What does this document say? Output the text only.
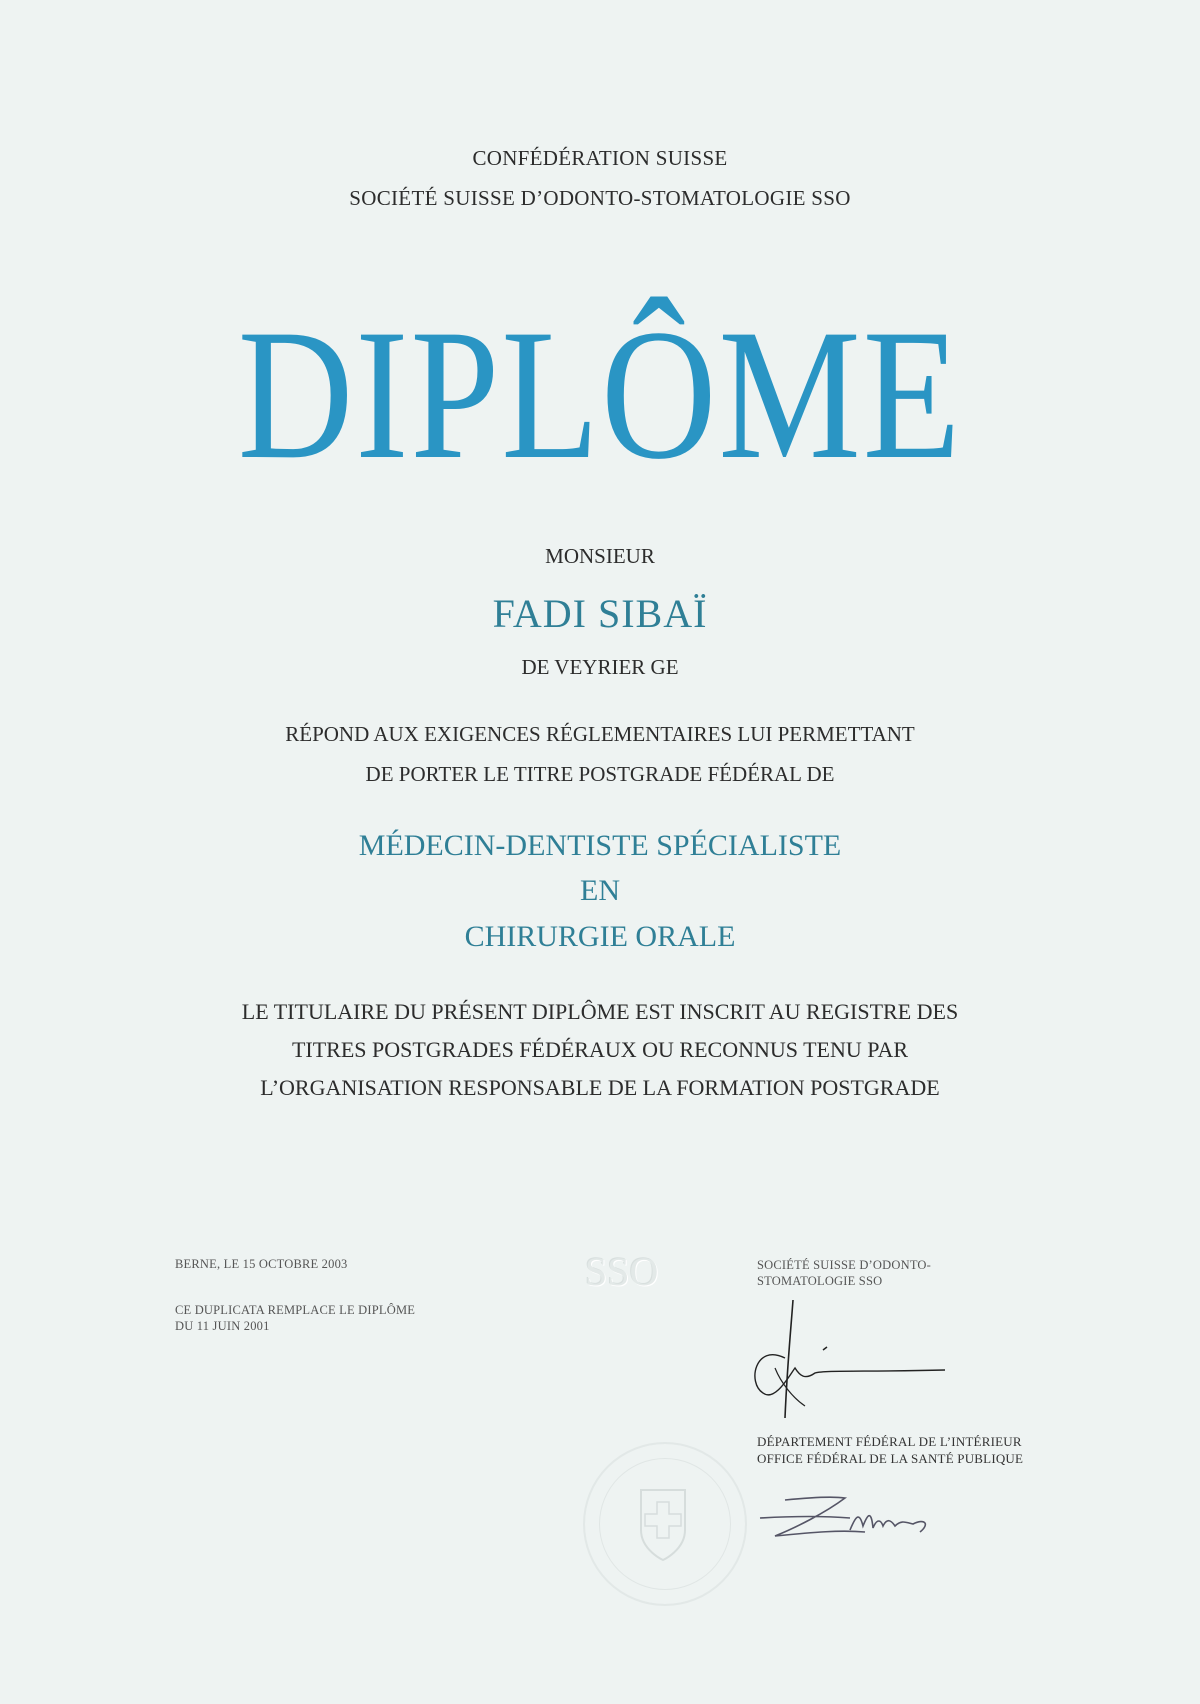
CONFÉDÉRATION SUISSE
SOCIÉTÉ SUISSE D’ODONTO-STOMATOLOGIE SSO
DIPLÔME
MONSIEUR
FADI SIBAÏ
DE VEYRIER GE
RÉPOND AUX EXIGENCES RÉGLEMENTAIRES LUI PERMETTANT
DE PORTER LE TITRE POSTGRADE FÉDÉRAL DE
MÉDECIN-DENTISTE SPÉCIALISTE
EN
CHIRURGIE ORALE
LE TITULAIRE DU PRÉSENT DIPLÔME EST INSCRIT AU REGISTRE DES
TITRES POSTGRADES FÉDÉRAUX OU RECONNUS TENU PAR
L’ORGANISATION RESPONSABLE DE LA FORMATION POSTGRADE
BERNE, LE 15 OCTOBRE 2003
CE DUPLICATA REMPLACE LE DIPLÔME
DU 11 JUIN 2001
SSO	SOCIÉTÉ SUISSE D’ODONTO-
STOMATOLOGIE SSO
DÉPARTEMENT FÉDÉRAL DE L’INTÉRIEUR
OFFICE FÉDÉRAL DE LA SANTÉ PUBLIQUE
